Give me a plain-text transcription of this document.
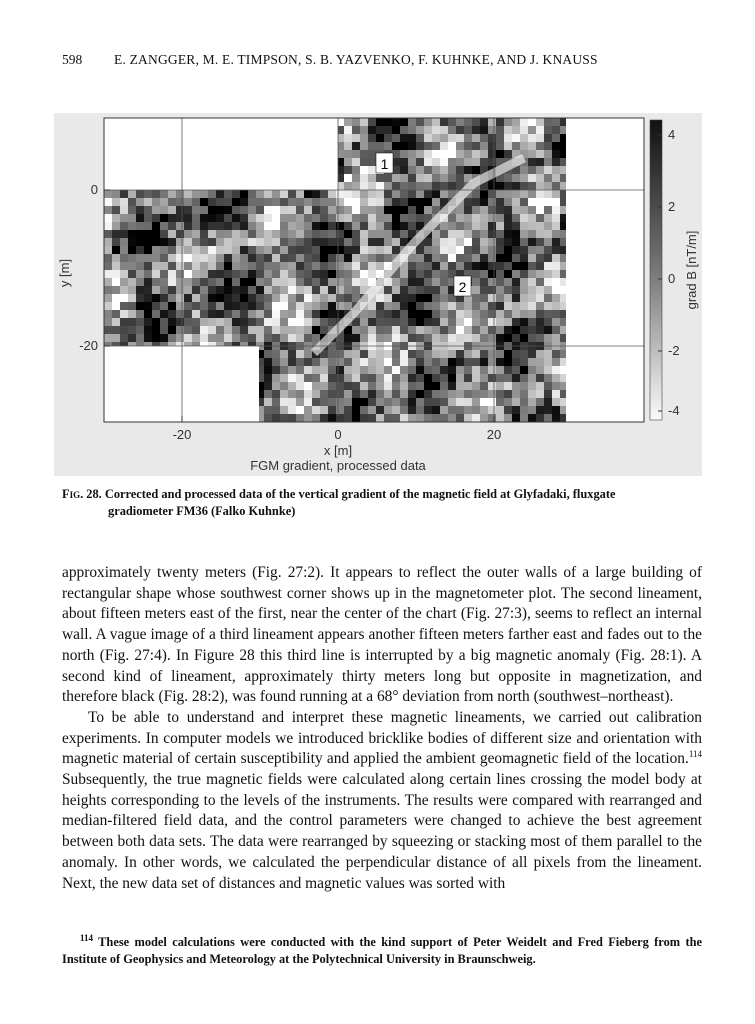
598 E. ZANGGER, M. E. TIMPSON, S. B. YAZVENKO, F. KUHNKE, AND J. KNAUSS
1
2
-20	0	20
0
-20
x [m]
FGM gradient, processed data
y [m]
4
2
0
-2
-4
grad B [nT/m]
Fig. 28. Corrected and processed data of the vertical gradient of the magnetic field at Glyfadaki, fluxgate
gradiometer FM36 (Falko Kuhnke)

approximately twenty meters (Fig. 27:2). It appears to reflect the outer walls of a large building of rectangular shape whose southwest corner shows up in the magnetometer plot. The second lineament, about fifteen meters east of the first, near the center of the chart (Fig. 27:3), seems to reflect an internal wall. A vague image of a third lineament appears another fifteen meters farther east and fades out to the north (Fig. 27:4). In Figure 28 this third line is interrupted by a big magnetic anomaly (Fig. 28:1). A second kind of lineament, approximately thirty meters long but opposite in magnetization, and therefore black (Fig. 28:2), was found running at a 68° deviation from north (southwest–northeast).

To be able to understand and interpret these magnetic lineaments, we carried out calibration experiments. In computer models we introduced bricklike bodies of different size and orientation with magnetic material of certain susceptibility and applied the ambient geomagnetic field of the location.$^{114}$ Subsequently, the true magnetic fields were calculated along certain lines crossing the model body at heights corresponding to the levels of the instruments. The results were compared with rearranged and median-filtered field data, and the control parameters were changed to achieve the best agreement between both data sets. The data were rearranged by squeezing or stacking most of them parallel to the anomaly. In other words, we calculated the perpendicular distance of all pixels from the lineament. Next, the new data set of distances and magnetic values was sorted with

$^{114}$ These model calculations were conducted with the kind support of Peter Weidelt and Fred Fieberg from the Institute of Geophysics and Meteorology at the Polytechnical University in Braunschweig.
